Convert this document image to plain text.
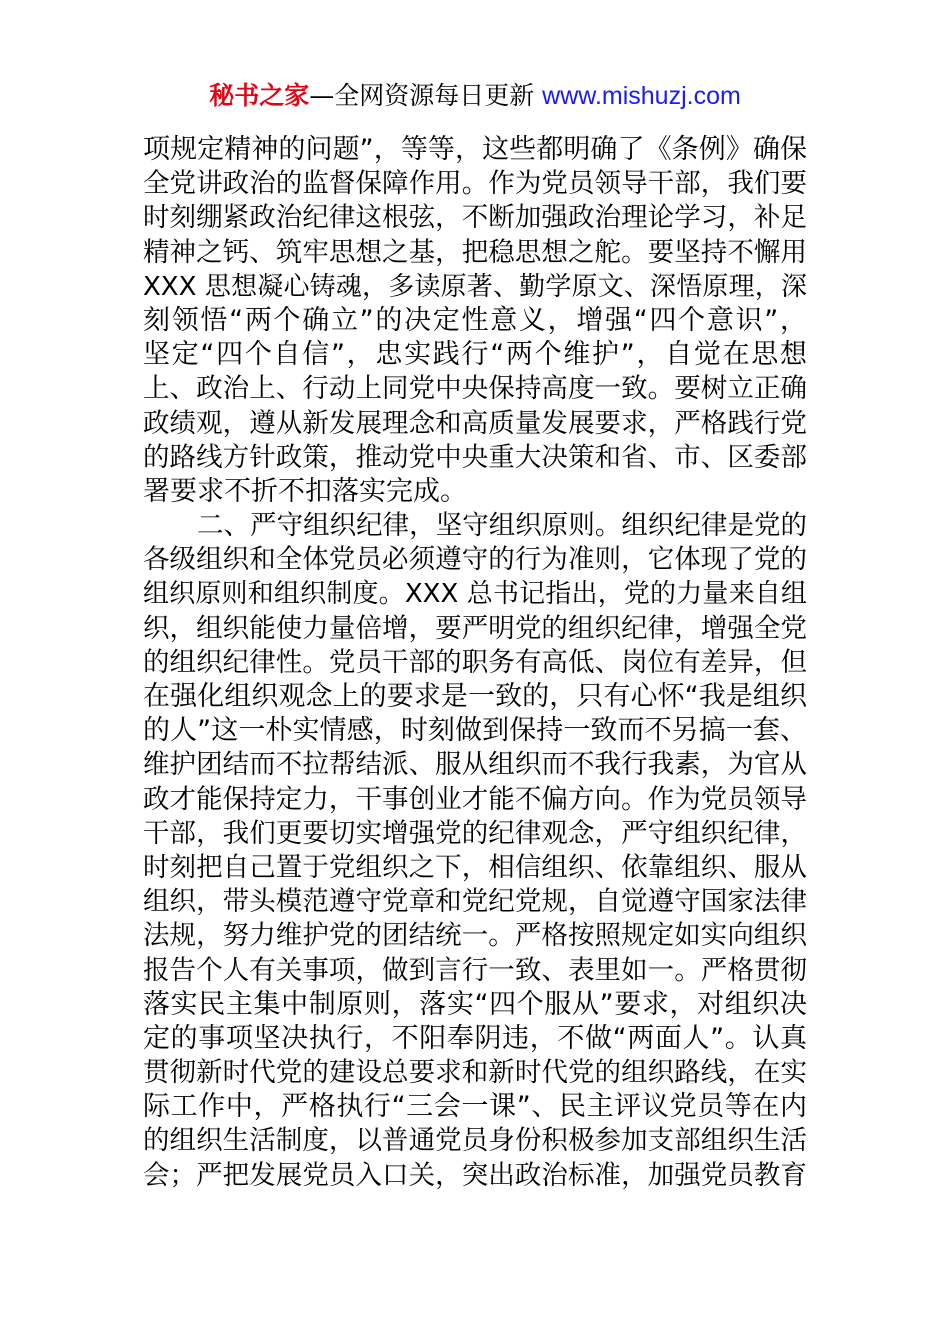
秘书之家—全网资源每日更新 www.mishuzj.com
项规定精神的问题”，等等，这些都明确了《条例》确保
全党讲政治的监督保障作用。作为党员领导干部，我们要
时刻绷紧政治纪律这根弦，不断加强政治理论学习，补足
精神之钙、筑牢思想之基，把稳思想之舵。要坚持不懈用
XXX 思想凝心铸魂，多读原著、勤学原文、深悟原理，深
刻领悟“两个确立”的决定性意义，增强“四个意识”，
坚定“四个自信”，忠实践行“两个维护”，自觉在思想
上、政治上、行动上同党中央保持高度一致。要树立正确
政绩观，遵从新发展理念和高质量发展要求，严格践行党
的路线方针政策，推动党中央重大决策和省、市、区委部
署要求不折不扣落实完成。
二、严守组织纪律，坚守组织原则。组织纪律是党的
各级组织和全体党员必须遵守的行为准则，它体现了党的
组织原则和组织制度。XXX 总书记指出，党的力量来自组
织，组织能使力量倍增，要严明党的组织纪律，增强全党
的组织纪律性。党员干部的职务有高低、岗位有差异，但
在强化组织观念上的要求是一致的，只有心怀“我是组织
的人”这一朴实情感，时刻做到保持一致而不另搞一套、
维护团结而不拉帮结派、服从组织而不我行我素，为官从
政才能保持定力，干事创业才能不偏方向。作为党员领导
干部，我们更要切实增强党的纪律观念，严守组织纪律，
时刻把自己置于党组织之下，相信组织、依靠组织、服从
组织，带头模范遵守党章和党纪党规，自觉遵守国家法律
法规，努力维护党的团结统一。严格按照规定如实向组织
报告个人有关事项，做到言行一致、表里如一。严格贯彻
落实民主集中制原则，落实“四个服从”要求，对组织决
定的事项坚决执行，不阳奉阴违，不做“两面人”。认真
贯彻新时代党的建设总要求和新时代党的组织路线，在实
际工作中，严格执行“三会一课”、民主评议党员等在内
的组织生活制度，以普通党员身份积极参加支部组织生活
会；严把发展党员入口关，突出政治标准，加强党员教育
